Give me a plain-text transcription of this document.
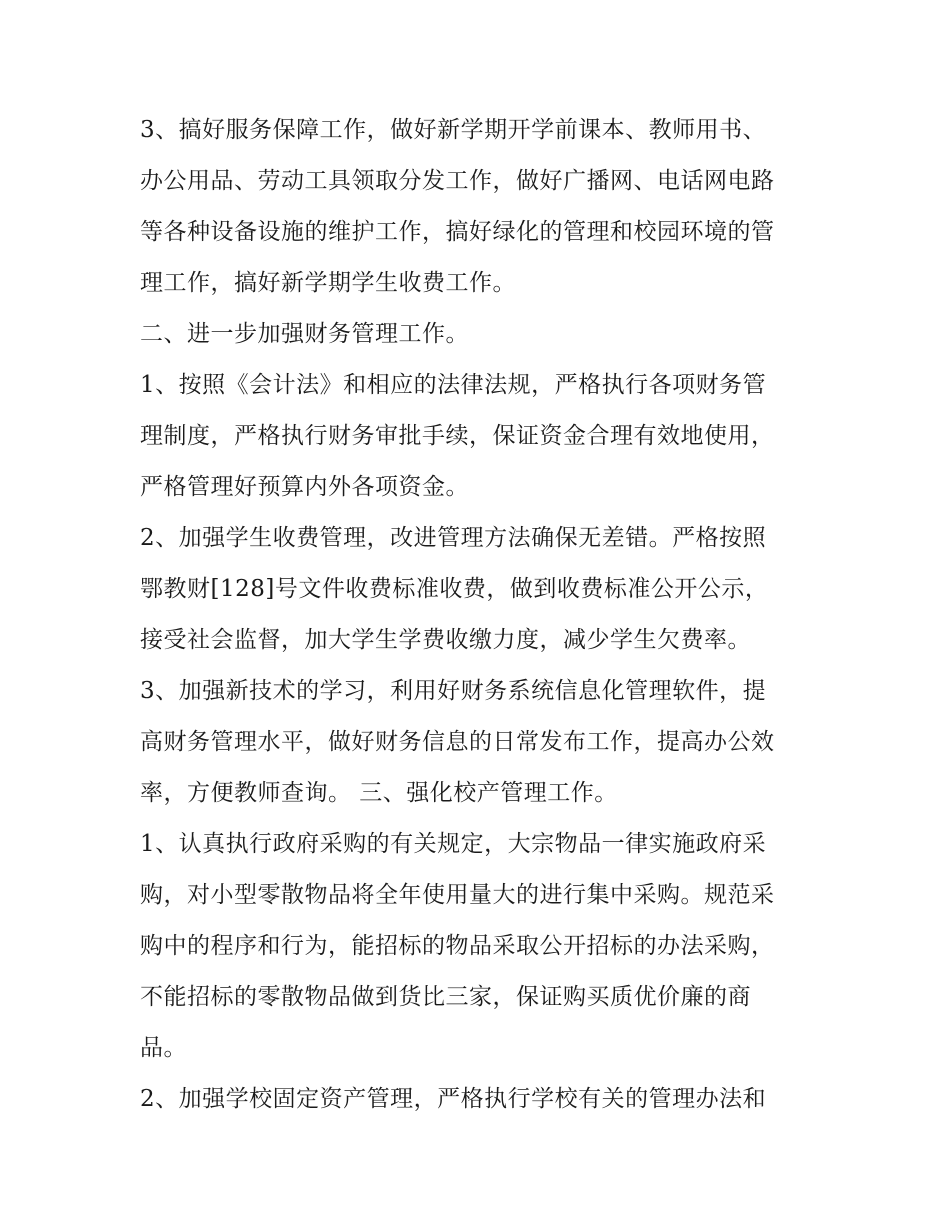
3、搞好服务保障工作，做好新学期开学前课本、教师用书、
办公用品、劳动工具领取分发工作，做好广播网、电话网电路
等各种设备设施的维护工作，搞好绿化的管理和校园环境的管
理工作，搞好新学期学生收费工作。
二、进一步加强财务管理工作。
1、按照《会计法》和相应的法律法规，严格执行各项财务管
理制度，严格执行财务审批手续，保证资金合理有效地使用，
严格管理好预算内外各项资金。
2、加强学生收费管理，改进管理方法确保无差错。严格按照
鄂教财[128]号文件收费标准收费，做到收费标准公开公示，
接受社会监督，加大学生学费收缴力度，减少学生欠费率。
3、加强新技术的学习，利用好财务系统信息化管理软件，提
高财务管理水平，做好财务信息的日常发布工作，提高办公效
率，方便教师查询。 三、强化校产管理工作。
1、认真执行政府采购的有关规定，大宗物品一律实施政府采
购，对小型零散物品将全年使用量大的进行集中采购。规范采
购中的程序和行为，能招标的物品采取公开招标的办法采购，
不能招标的零散物品做到货比三家，保证购买质优价廉的商
品。
2、加强学校固定资产管理，严格执行学校有关的管理办法和
